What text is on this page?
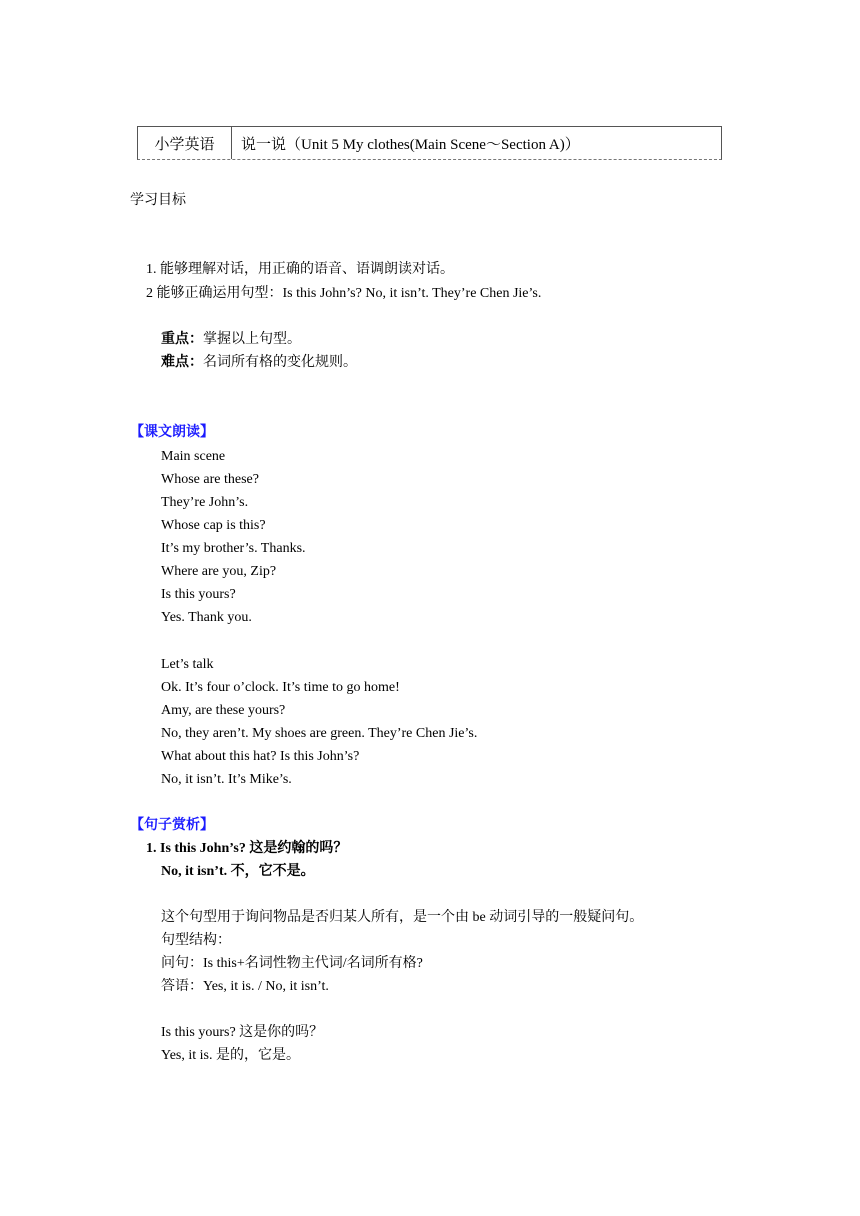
小学英语	说一说（Unit 5 My clothes(Main Scene～Section A)）
学习目标
1. 能够理解对话，用正确的语音、语调朗读对话。
2 能够正确运用句型：Is this John’s? No, it isn’t. They’re Chen Jie’s.
重点：掌握以上句型。
难点：名词所有格的变化规则。
【课文朗读】
Main scene
Whose are these?
They’re John’s.
Whose cap is this?
It’s my brother’s. Thanks.
Where are you, Zip?
Is this yours?
Yes. Thank you.
Let’s talk
Ok. It’s four o’clock. It’s time to go home!
Amy, are these yours?
No, they aren’t. My shoes are green. They’re Chen Jie’s.
What about this hat? Is this John’s?
No, it isn’t. It’s Mike’s.
【句子赏析】
1. Is this John’s? 这是约翰的吗？
No, it isn’t. 不，它不是。
这个句型用于询问物品是否归某人所有，是一个由 be 动词引导的一般疑问句。
句型结构：
问句：Is this+名词性物主代词/名词所有格?
答语：Yes, it is. / No, it isn’t.
Is this yours? 这是你的吗？
Yes, it is. 是的，它是。
